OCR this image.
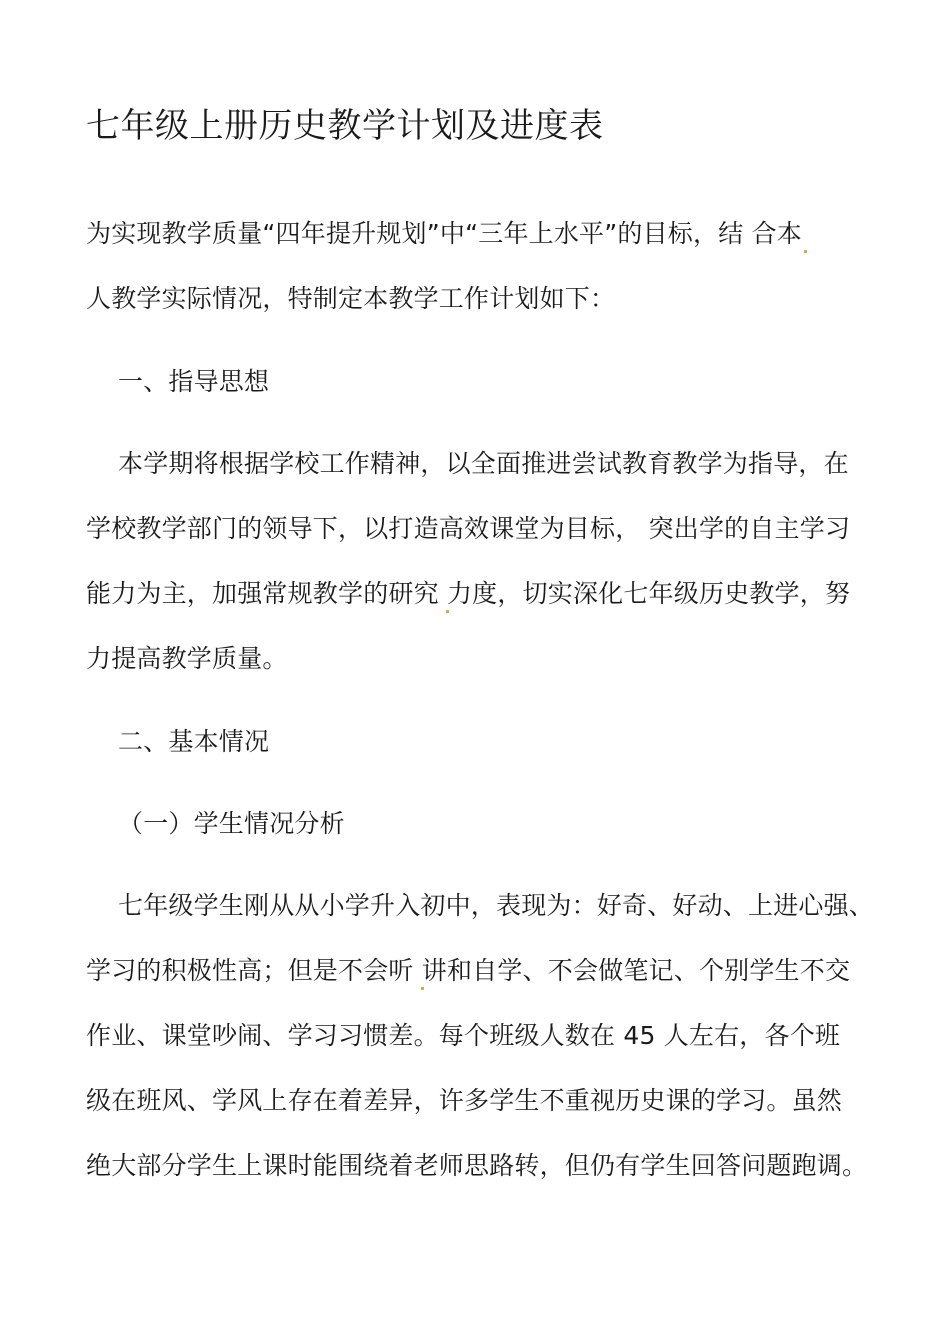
七年级上册历史教学计划及进度表
为实现教学质量“四年提升规划”中“三年上水平”的目标，结 合本
人教学实际情况，特制定本教学工作计划如下：
一、指导思想
本学期将根据学校工作精神，以全面推进尝试教育教学为指导，在
学校教学部门的领导下，以打造高效课堂为目标， 突出学的自主学习
能力为主，加强常规教学的研究 力度，切实深化七年级历史教学，努
力提高教学质量。
二、基本情况
（一）学生情况分析
七年级学生刚从从小学升入初中，表现为：好奇、好动、上进心强、
学习的积极性高；但是不会听 讲和自学、不会做笔记、个别学生不交
作业、课堂吵闹、学习习惯差。每个班级人数在 45 人左右，各个班
级在班风、学风上存在着差异，许多学生不重视历史课的学习。虽然
绝大部分学生上课时能围绕着老师思路转，但仍有学生回答问题跑调。
